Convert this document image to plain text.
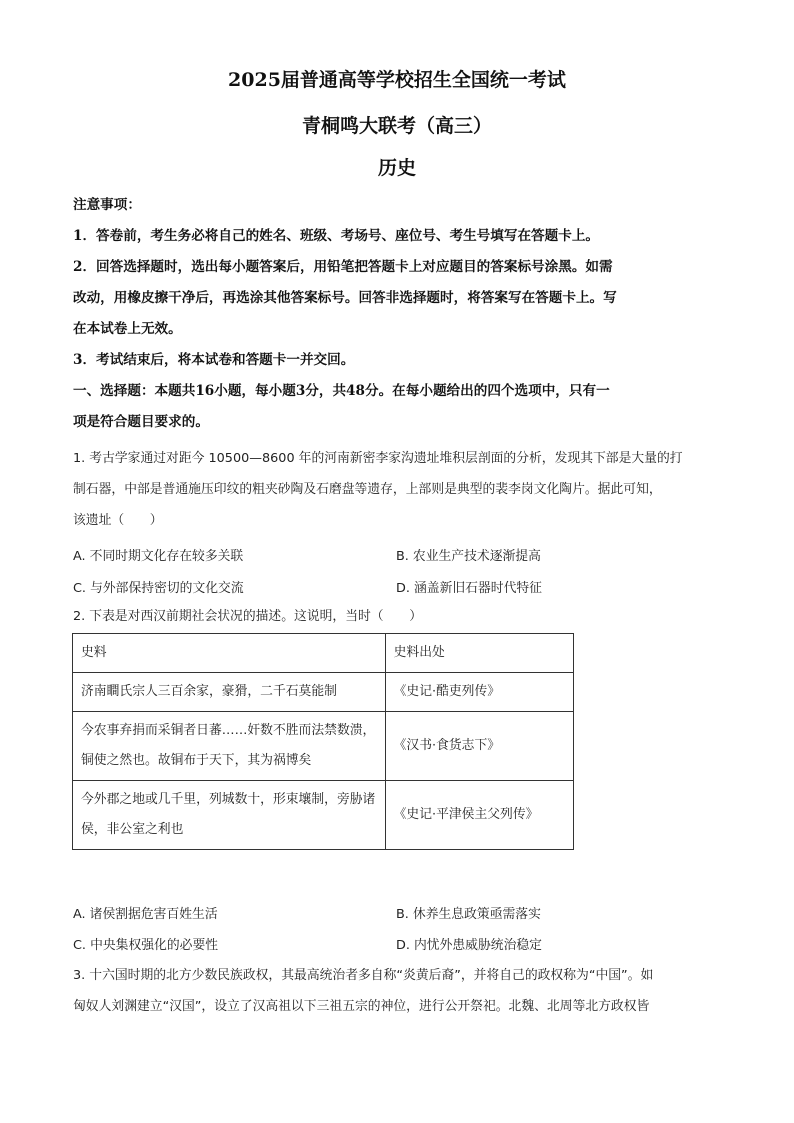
2025届普通高等学校招生全国统一考试
青桐鸣大联考（高三）
历史

注意事项：

1．答卷前，考生务必将自己的姓名、班级、考场号、座位号、考生号填写在答题卡上。

2．回答选择题时，选出每小题答案后，用铅笔把答题卡上对应题目的答案标号涂黑。如需

改动，用橡皮擦干净后，再选涂其他答案标号。回答非选择题时，将答案写在答题卡上。写

在本试卷上无效。

3．考试结束后，将本试卷和答题卡一并交回。

一、选择题：本题共16小题，每小题3分，共48分。在每小题给出的四个选项中，只有一

项是符合题目要求的。

1. 考古学家通过对距今 10500—8600 年的河南新密李家沟遗址堆积层剖面的分析，发现其下部是大量的打

制石器，中部是普通施压印纹的粗夹砂陶及石磨盘等遗存，上部则是典型的裴李岗文化陶片。据此可知，

该遗址（　　）

A. 不同时期文化存在较多关联	B. 农业生产技术逐渐提高
C. 与外部保持密切的文化交流	D. 涵盖新旧石器时代特征

2. 下表是对西汉前期社会状况的描述。这说明，当时（　　）

史料	史料出处
济南瞷氏宗人三百余家，豪猾，二千石莫能制	《史记·酷吏列传》
今农事弃捐而采铜者日蕃……奸数不胜而法禁数溃，铜使之然也。故铜布于天下，其为祸博矣	《汉书·食货志下》
今外郡之地或几千里，列城数十，形束壤制，旁胁诸侯，非公室之利也	《史记·平津侯主父列传》
A. 诸侯割据危害百姓生活	B. 休养生息政策亟需落实
C. 中央集权强化的必要性	D. 内忧外患威胁统治稳定

3. 十六国时期的北方少数民族政权，其最高统治者多自称“炎黄后裔”，并将自己的政权称为“中国”。如

匈奴人刘渊建立“汉国”，设立了汉高祖以下三祖五宗的神位，进行公开祭祀。北魏、北周等北方政权皆
